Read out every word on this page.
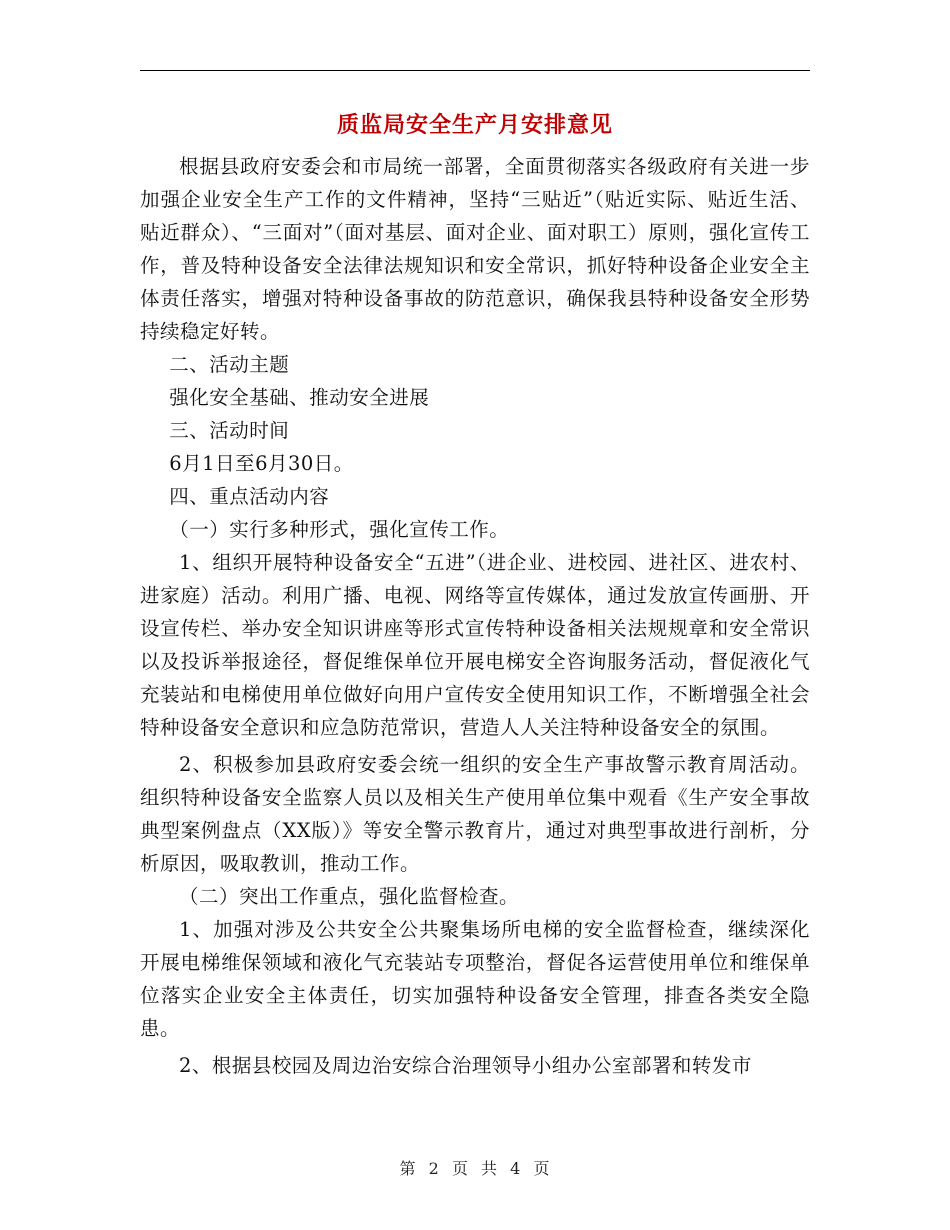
质监局安全生产月安排意见

根据县政府安委会和市局统一部署，全面贯彻落实各级政府有关进一步加强企业安全生产工作的文件精神，坚持“三贴近”（贴近实际、贴近生活、贴近群众）、“三面对”（面对基层、面对企业、面对职工）原则，强化宣传工作，普及特种设备安全法律法规知识和安全常识，抓好特种设备企业安全主体责任落实，增强对特种设备事故的防范意识，确保我县特种设备安全形势持续稳定好转。

二、活动主题

强化安全基础、推动安全进展

三、活动时间

6月1日至6月30日。

四、重点活动内容

（一）实行多种形式，强化宣传工作。

1、组织开展特种设备安全“五进”（进企业、进校园、进社区、进农村、进家庭）活动。利用广播、电视、网络等宣传媒体，通过发放宣传画册、开设宣传栏、举办安全知识讲座等形式宣传特种设备相关法规规章和安全常识以及投诉举报途径，督促维保单位开展电梯安全咨询服务活动，督促液化气充装站和电梯使用单位做好向用户宣传安全使用知识工作，不断增强全社会特种设备安全意识和应急防范常识，营造人人关注特种设备安全的氛围。

2、积极参加县政府安委会统一组织的安全生产事故警示教育周活动。组织特种设备安全监察人员以及相关生产使用单位集中观看《生产安全事故典型案例盘点（XX版）》等安全警示教育片，通过对典型事故进行剖析，分析原因，吸取教训，推动工作。

（二）突出工作重点，强化监督检查。

1、加强对涉及公共安全公共聚集场所电梯的安全监督检查，继续深化开展电梯维保领域和液化气充装站专项整治，督促各运营使用单位和维保单位落实企业安全主体责任，切实加强特种设备安全管理，排查各类安全隐患。

2、根据县校园及周边治安综合治理领导小组办公室部署和转发市

第 2 页 共 4 页
